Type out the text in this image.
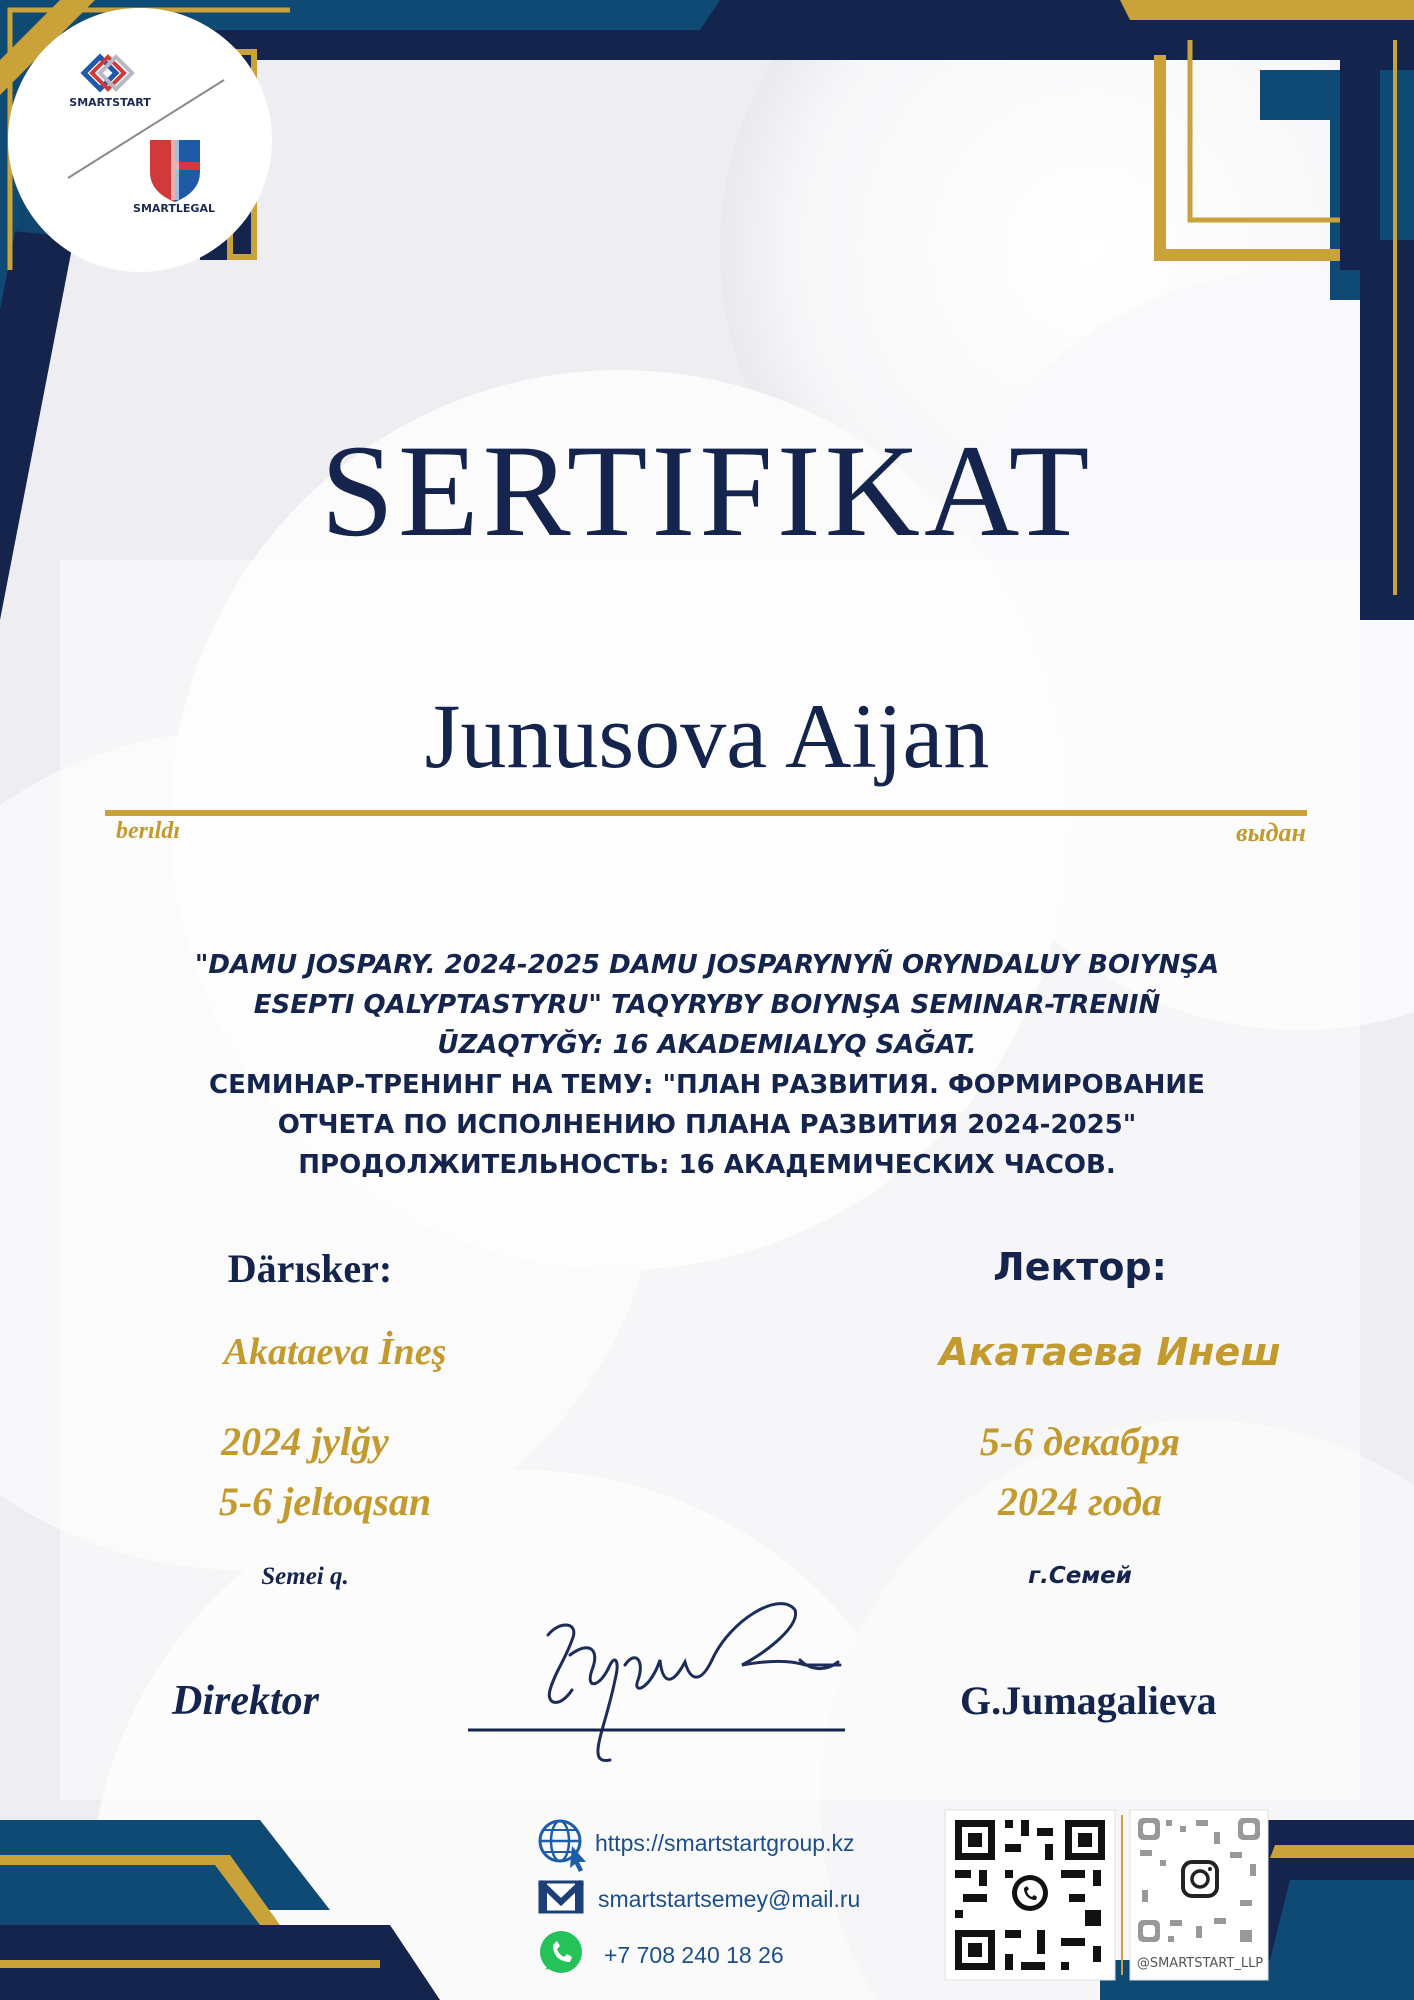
SMARTSTART
SMARTLEGAL
SERTIFIKAT
Junusova Aijan
berıldı	выдан
"DAMU JOSPARY. 2024-2025 DAMU JOSPARYNYÑ ORYNDALUY BOIYNŞA
ESEPTI QALYPTASTYRU" TAQYRYBY BOIYNŞA SEMINAR-TRENIÑ
ŪZAQTYĞY: 16 AKADEMIALYQ SAĞAT.
СЕМИНАР-ТРЕНИНГ НА ТЕМУ: "ПЛАН РАЗВИТИЯ. ФОРМИРОВАНИЕ
ОТЧЕТА ПО ИСПОЛНЕНИЮ ПЛАНА РАЗВИТИЯ 2024-2025"
ПРОДОЛЖИТЕЛЬНОСТЬ: 16 АКАДЕМИЧЕСКИХ ЧАСОВ.
Därısker:
Akataeva İneş
2024 jylğy
5-6 jeltoqsan
Semei q.
Лектор:
Акатаева Инеш
5-6 декабря
2024 года
г.Семей
Direktor	G.Jumagalieva
https://smartstartgroup.kz
smartstartsemey@mail.ru
+7 708 240 18 26	@SMARTSTART_LLP
